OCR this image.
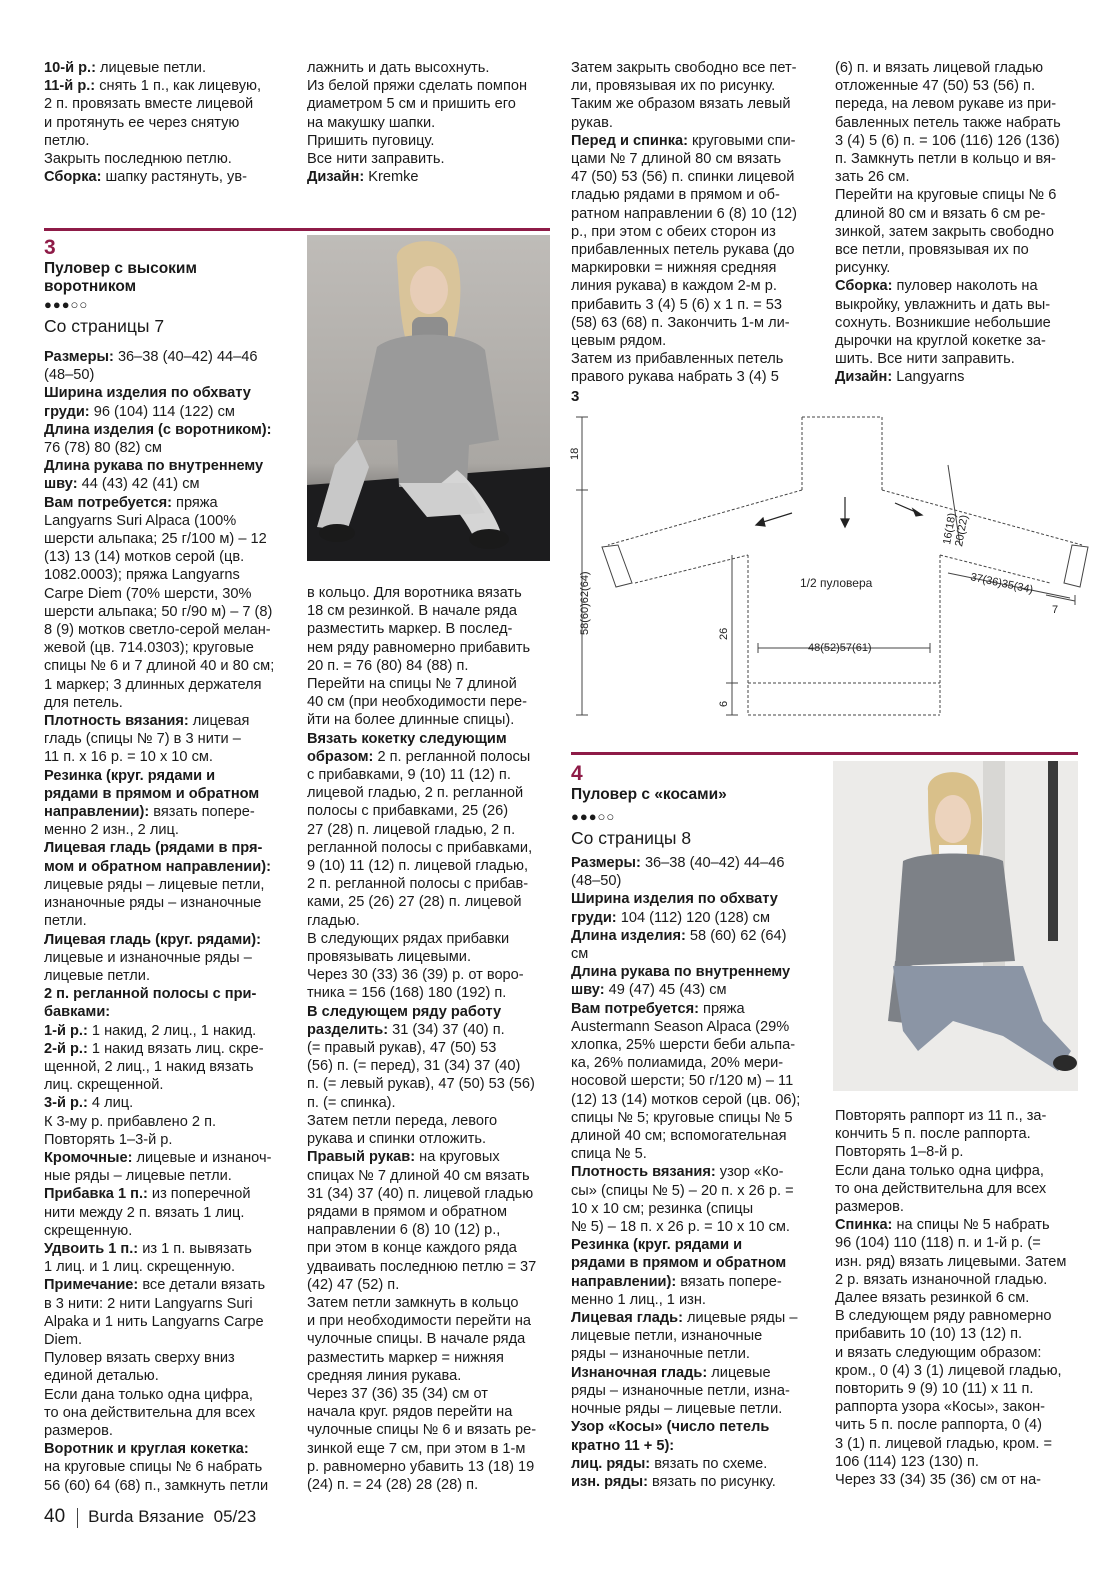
10-й р.: лицевые петли.

11-й р.: снять 1 п., как лицевую,

2 п. провязать вместе лицевой

и протянуть ее через снятую

петлю.

Закрыть последнюю петлю.

Сборка: шапку растянуть, ув-

лажнить и дать высохнуть.

Из белой пряжи сделать помпон

диаметром 5 см и пришить его

на макушку шапки.

Пришить пуговицу.

Все нити заправить.

Дизайн: Kremke

Затем закрыть свободно все пет-

ли, провязывая их по рисунку.

Таким же образом вязать левый

рукав.

Перед и спинка: круговыми спи-

цами № 7 длиной 80 см вязать

47 (50) 53 (56) п. спинки лицевой

гладью рядами в прямом и об-

ратном направлении 6 (8) 10 (12)

р., при этом с обеих сторон из

прибавленных петель рукава (до

маркировки = нижняя средняя

линия рукава) в каждом 2-м р.

прибавить 3 (4) 5 (6) х 1 п. = 53

(58) 63 (68) п. Закончить 1-м ли-

цевым рядом.

Затем из прибавленных петель

правого рукава набрать 3 (4) 5

(6) п. и вязать лицевой гладью

отложенные 47 (50) 53 (56) п.

переда, на левом рукаве из при-

бавленных петель также набрать

3 (4) 5 (6) п. = 106 (116) 126 (136)

п. Замкнуть петли в кольцо и вя-

зать 26 см.

Перейти на круговые спицы № 6

длиной 80 см и вязать 6 см ре-

зинкой, затем закрыть свободно

все петли, провязывая их по

рисунку.

Сборка: пуловер наколоть на

выкройку, увлажнить и дать вы-

сохнуть. Возникшие небольшие

дырочки на круглой кокетке за-

шить. Все нити заправить.

Дизайн: Langyarns

3
Пуловер с высоким
воротником
●●●○○
Со страницы 7

Размеры: 36–38 (40–42) 44–46

(48–50)

Ширина изделия по обхвату

груди: 96 (104) 114 (122) см

Длина изделия (с воротником):

76 (78) 80 (82) см

Длина рукава по внутреннему

шву: 44 (43) 42 (41) см

Вам потребуется: пряжа

Langyarns Suri Alpaca (100%

шерсти альпака; 25 г/100 м) – 12

(13) 13 (14) мотков серой (цв.

1082.0003); пряжа Langyarns

Carpe Diem (70% шерсти, 30%

шерсти альпака; 50 г/90 м) – 7 (8)

8 (9) мотков светло-серой мелан-

жевой (цв. 714.0303); круговые

спицы № 6 и 7 длиной 40 и 80 см;

1 маркер; 3 длинных держателя

для петель.

Плотность вязания: лицевая

гладь (спицы № 7) в 3 нити –

11 п. х 16 р. = 10 х 10 см.

Резинка (круг. рядами и

рядами в прямом и обратном

направлении): вязать попере-

менно 2 изн., 2 лиц.

Лицевая гладь (рядами в пря-

мом и обратном направлении):

лицевые ряды – лицевые петли,

изнаночные ряды – изнаночные

петли.

Лицевая гладь (круг. рядами):

лицевые и изнаночные ряды –

лицевые петли.

2 п. регланной полосы с при-

бавками:

1-й р.: 1 накид, 2 лиц., 1 накид.

2-й р.: 1 накид вязать лиц. скре-

щенной, 2 лиц., 1 накид вязать

лиц. скрещенной.

3-й р.: 4 лиц.

К 3-му р. прибавлено 2 п.

Повторять 1–3-й р.

Кромочные: лицевые и изнаноч-

ные ряды – лицевые петли.

Прибавка 1 п.: из поперечной

нити между 2 п. вязать 1 лиц.

скрещенную.

Удвоить 1 п.: из 1 п. вывязать

1 лиц. и 1 лиц. скрещенную.

Примечание: все детали вязать

в 3 нити: 2 нити Langyarns Suri

Alpaka и 1 нить Langyarns Carpe

Diem.

Пуловер вязать сверху вниз

единой деталью.

Если дана только одна цифра,

то она действительна для всех

размеров.

Воротник и круглая кокетка:

на круговые спицы № 6 набрать

56 (60) 64 (68) п., замкнуть петли

в кольцо. Для воротника вязать

18 см резинкой. В начале ряда

разместить маркер. В послед-

нем ряду равномерно прибавить

20 п. = 76 (80) 84 (88) п.

Перейти на спицы № 7 длиной

40 см (при необходимости пере-

йти на более длинные спицы).

Вязать кокетку следующим

образом: 2 п. регланной полосы

с прибавками, 9 (10) 11 (12) п.

лицевой гладью, 2 п. регланной

полосы с прибавками, 25 (26)

27 (28) п. лицевой гладью, 2 п.

регланной полосы с прибавками,

9 (10) 11 (12) п. лицевой гладью,

2 п. регланной полосы с прибав-

ками, 25 (26) 27 (28) п. лицевой

гладью.

В следующих рядах прибавки

провязывать лицевыми.

Через 30 (33) 36 (39) р. от воро-

тника = 156 (168) 180 (192) п.

В следующем ряду работу

разделить: 31 (34) 37 (40) п.

(= правый рукав), 47 (50) 53

(56) п. (= перед), 31 (34) 37 (40)

п. (= левый рукав), 47 (50) 53 (56)

п. (= спинка).

Затем петли переда, левого

рукава и спинки отложить.

Правый рукав: на круговых

спицах № 7 длиной 40 см вязать

31 (34) 37 (40) п. лицевой гладью

рядами в прямом и обратном

направлении 6 (8) 10 (12) р.,

при этом в конце каждого ряда

удваивать последнюю петлю = 37

(42) 47 (52) п.

Затем петли замкнуть в кольцо

и при необходимости перейти на

чулочные спицы. В начале ряда

разместить маркер = нижняя

средняя линия рукава.

Через 37 (36) 35 (34) см от

начала круг. рядов перейти на

чулочные спицы № 6 и вязать ре-

зинкой еще 7 см, при этом в 1-м

р. равномерно убавить 13 (18) 19

(24) п. = 24 (28) 28 (28) п.

3
1/2 пуловера
18
58(60)62(64)	26
6
48(52)57(61)
16(18)
20(22)
37(36)35(34)
7
4
Пуловер с «косами»
●●●○○
Со страницы 8

Размеры: 36–38 (40–42) 44–46

(48–50)

Ширина изделия по обхвату

груди: 104 (112) 120 (128) см

Длина изделия: 58 (60) 62 (64)

см

Длина рукава по внутреннему

шву: 49 (47) 45 (43) см

Вам потребуется: пряжа

Austermann Season Alpaca (29%

хлопка, 25% шерсти беби альпа-

ка, 26% полиамида, 20% мери-

носовой шерсти; 50 г/120 м) – 11

(12) 13 (14) мотков серой (цв. 06);

спицы № 5; круговые спицы № 5

длиной 40 см; вспомогательная

спица № 5.

Плотность вязания: узор «Ко-

сы» (спицы № 5) – 20 п. х 26 р. =

10 х 10 см; резинка (спицы

№ 5) – 18 п. х 26 р. = 10 х 10 см.

Резинка (круг. рядами и

рядами в прямом и обратном

направлении): вязать попере-

менно 1 лиц., 1 изн.

Лицевая гладь: лицевые ряды –

лицевые петли, изнаночные

ряды – изнаночные петли.

Изнаночная гладь: лицевые

ряды – изнаночные петли, изна-

ночные ряды – лицевые петли.

Узор «Косы» (число петель

кратно 11 + 5):

лиц. ряды: вязать по схеме.

изн. ряды: вязать по рисунку.

Повторять раппорт из 11 п., за-

кончить 5 п. после раппорта.

Повторять 1–8-й р.

Если дана только одна цифра,

то она действительна для всех

размеров.

Спинка: на спицы № 5 набрать

96 (104) 110 (118) п. и 1-й р. (=

изн. ряд) вязать лицевыми. Затем

2 р. вязать изнаночной гладью.

Далее вязать резинкой 6 см.

В следующем ряду равномерно

прибавить 10 (10) 13 (12) п.

и вязать следующим образом:

кром., 0 (4) 3 (1) лицевой гладью,

повторить 9 (9) 10 (11) х 11 п.

раппорта узора «Косы», закон-

чить 5 п. после раппорта, 0 (4)

3 (1) п. лицевой гладью, кром. =

106 (114) 123 (130) п.

Через 33 (34) 35 (36) см от на-

40 Burda Вязание 05/23
